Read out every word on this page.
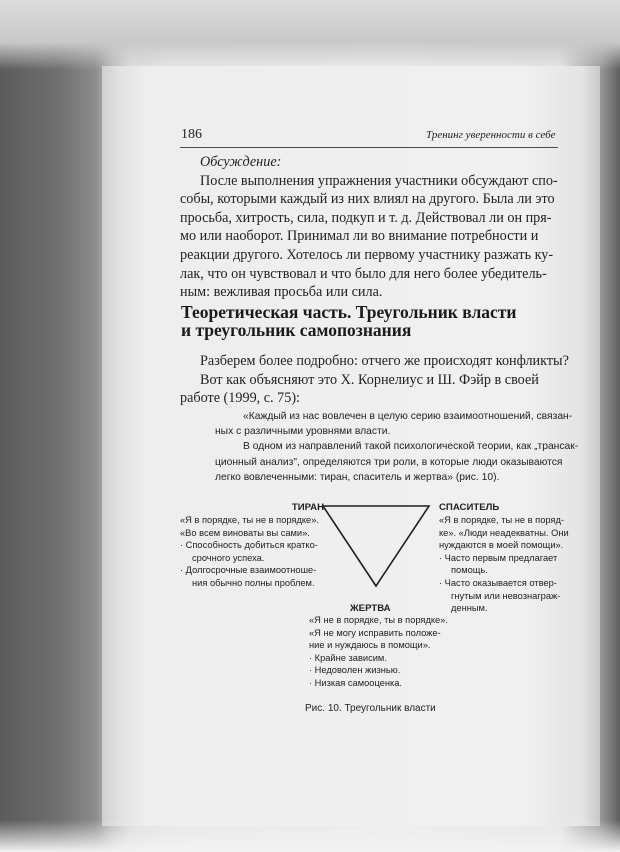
186	Тренинг уверенности в себе
Обсуждение:
После выполнения упражнения участники обсуждают спо-
собы, которыми каждый из них влиял на другого. Была ли это
просьба, хитрость, сила, подкуп и т. д. Действовал ли он пря-
мо или наоборот. Принимал ли во внимание потребности и
реакции другого. Хотелось ли первому участнику разжать ку-
лак, что он чувствовал и что было для него более убедитель-
ным: вежливая просьба или сила.
Теоретическая часть. Треугольник власти
и треугольник самопознания
Разберем более подробно: отчего же происходят конфликты?
Вот как объясняют это Х. Корнелиус и Ш. Фэйр в своей
работе (1999, с. 75):
«Каждый из нас вовлечен в целую серию взаимоотношений, связан-
ных с различными уровнями власти.
В одном из направлений такой психологической теории, как „трансак-
ционный анализ", определяются три роли, в которые люди оказываются
легко вовлеченными: тиран, спаситель и жертва» (рис. 10).
ТИРАН
«Я в порядке, ты не в порядке».
«Во всем виноваты вы сами».
· Способность добиться кратко-
срочного успеха.
· Долгосрочные взаимоотноше-
ния обычно полны проблем.
СПАСИТЕЛЬ
«Я в порядке, ты не в поряд-
ке». «Люди неадекватны. Они
нуждаются в моей помощи».
· Часто первым предлагает
помощь.
· Часто оказывается отвер-
гнутым или невознаграж-
денным.
ЖЕРТВА
«Я не в порядке, ты в порядке».
«Я не могу исправить положе-
ние и нуждаюсь в помощи».
· Крайне зависим.
· Недоволен жизнью.
· Низкая самооценка.
Рис. 10. Треугольник власти
